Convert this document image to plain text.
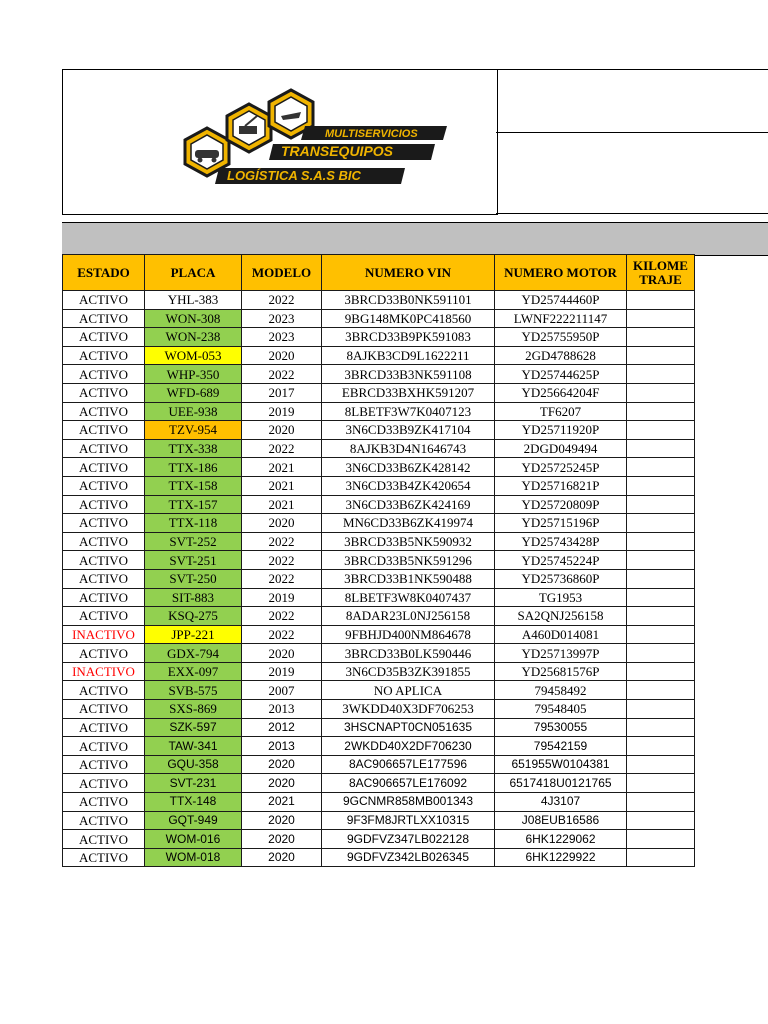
MULTISERVICIOS
TRANSEQUIPOS
LOGÍSTICA S.A.S BIC
ESTADO	PLACA	MODELO	NUMERO VIN	NUMERO MOTOR	KILOME TRAJE
ACTIVO	YHL-383	2022	3BRCD33B0NK591101	YD25744460P	
ACTIVO	WON-308	2023	9BG148MK0PC418560	LWNF222211147	
ACTIVO	WON-238	2023	3BRCD33B9PK591083	YD25755950P	
ACTIVO	WOM-053	2020	8AJKB3CD9L1622211	2GD4788628	
ACTIVO	WHP-350	2022	3BRCD33B3NK591108	YD25744625P	
ACTIVO	WFD-689	2017	EBRCD33BXHK591207	YD25664204F	
ACTIVO	UEE-938	2019	8LBETF3W7K0407123	TF6207	
ACTIVO	TZV-954	2020	3N6CD33B9ZK417104	YD25711920P	
ACTIVO	TTX-338	2022	8AJKB3D4N1646743	2DGD049494	
ACTIVO	TTX-186	2021	3N6CD33B6ZK428142	YD25725245P	
ACTIVO	TTX-158	2021	3N6CD33B4ZK420654	YD25716821P	
ACTIVO	TTX-157	2021	3N6CD33B6ZK424169	YD25720809P	
ACTIVO	TTX-118	2020	MN6CD33B6ZK419974	YD25715196P	
ACTIVO	SVT-252	2022	3BRCD33B5NK590932	YD25743428P	
ACTIVO	SVT-251	2022	3BRCD33B5NK591296	YD25745224P	
ACTIVO	SVT-250	2022	3BRCD33B1NK590488	YD25736860P	
ACTIVO	SIT-883	2019	8LBETF3W8K0407437	TG1953	
ACTIVO	KSQ-275	2022	8ADAR23L0NJ256158	SA2QNJ256158	
INACTIVO	JPP-221	2022	9FBHJD400NM864678	A460D014081	
ACTIVO	GDX-794	2020	3BRCD33B0LK590446	YD25713997P	
INACTIVO	EXX-097	2019	3N6CD35B3ZK391855	YD25681576P	
ACTIVO	SVB-575	2007	NO APLICA	79458492	
ACTIVO	SXS-869	2013	3WKDD40X3DF706253	79548405	
ACTIVO	SZK-597	2012	3HSCNAPT0CN051635	79530055	
ACTIVO	TAW-341	2013	2WKDD40X2DF706230	79542159	
ACTIVO	GQU-358	2020	8AC906657LE177596	651955W0104381	
ACTIVO	SVT-231	2020	8AC906657LE176092	6517418U0121765	
ACTIVO	TTX-148	2021	9GCNMR858MB001343	4J3107	
ACTIVO	GQT-949	2020	9F3FM8JRTLXX10315	J08EUB16586	
ACTIVO	WOM-016	2020	9GDFVZ347LB022128	6HK1229062	
ACTIVO	WOM-018	2020	9GDFVZ342LB026345	6HK1229922	
